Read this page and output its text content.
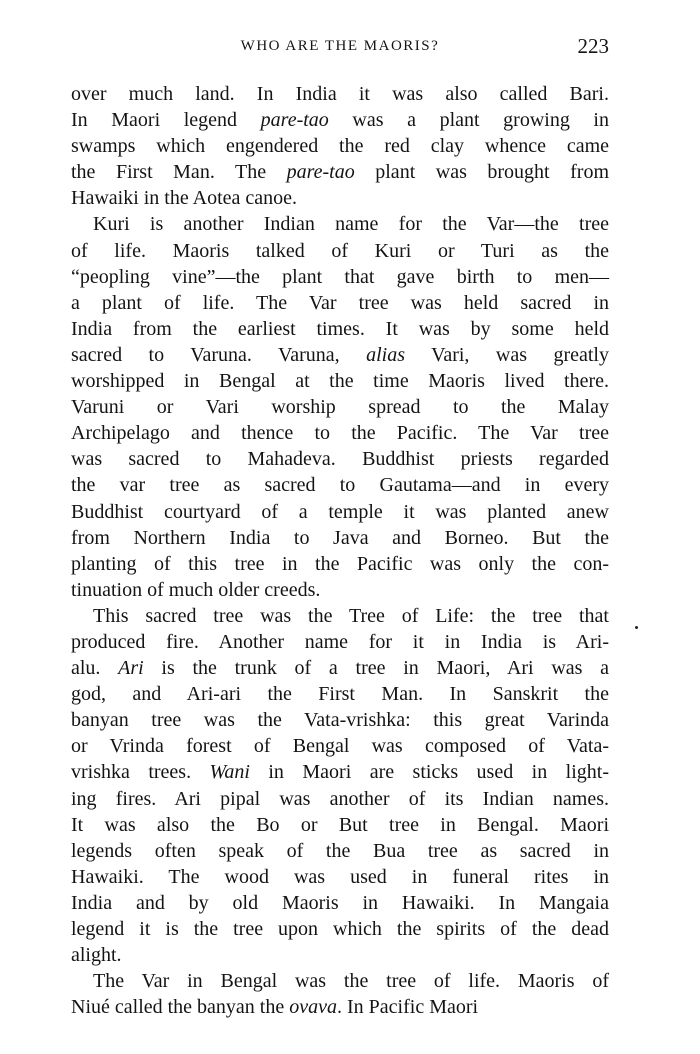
WHO ARE THE MAORIS?	223
over much land. In India it was also called Bari.
In Maori legend pare-tao was a plant growing in
swamps which engendered the red clay whence came
the First Man. The pare-tao plant was brought from
Hawaiki in the Aotea canoe.
Kuri is another Indian name for the Var—the tree
of life. Maoris talked of Kuri or Turi as the
“peopling vine”—the plant that gave birth to men—
a plant of life. The Var tree was held sacred in
India from the earliest times. It was by some held
sacred to Varuna. Varuna, alias Vari, was greatly
worshipped in Bengal at the time Maoris lived there.
Varuni or Vari worship spread to the Malay
Archipelago and thence to the Pacific. The Var tree
was sacred to Mahadeva. Buddhist priests regarded
the var tree as sacred to Gautama—and in every
Buddhist courtyard of a temple it was planted anew
from Northern India to Java and Borneo. But the
planting of this tree in the Pacific was only the con-
tinuation of much older creeds.
This sacred tree was the Tree of Life: the tree that
produced fire. Another name for it in India is Ari-
alu. Ari is the trunk of a tree in Maori, Ari was a
god, and Ari-ari the First Man. In Sanskrit the
banyan tree was the Vata-vrishka: this great Varinda
or Vrinda forest of Bengal was composed of Vata-
vrishka trees. Wani in Maori are sticks used in light-
ing fires. Ari pipal was another of its Indian names.
It was also the Bo or But tree in Bengal. Maori
legends often speak of the Bua tree as sacred in
Hawaiki. The wood was used in funeral rites in
India and by old Maoris in Hawaiki. In Mangaia
legend it is the tree upon which the spirits of the dead
alight.
The Var in Bengal was the tree of life. Maoris of
Niué called the banyan the ovava. In Pacific Maori
